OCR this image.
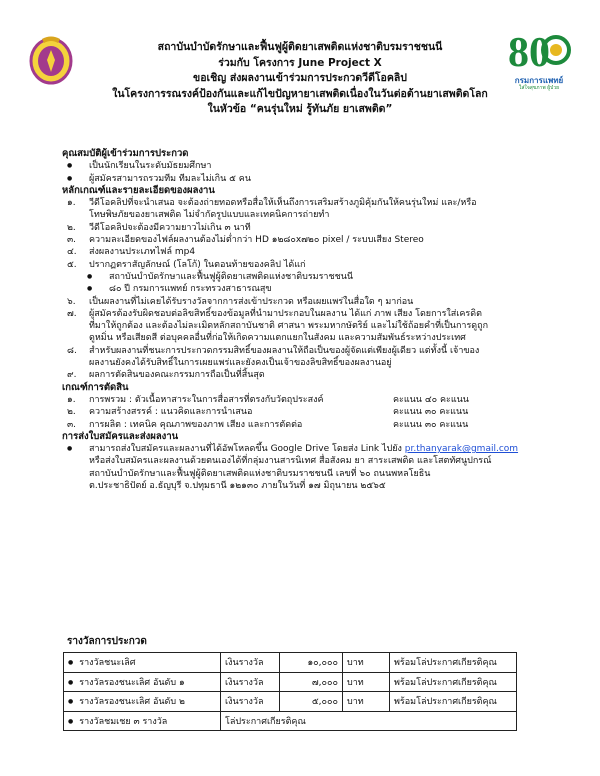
80
กรมการแพทย์
ใส่ใจสุขภาพ ผู้ป่วย
สถาบันบำบัดรักษาและฟื้นฟูผู้ติดยาเสพติดแห่งชาติบรมราชชนนี
ร่วมกับ โครงการ June Project X
ขอเชิญ ส่งผลงานเข้าร่วมการประกวดวีดีโอคลิป
ในโครงการรณรงค์ป้องกันและแก้ไขปัญหายาเสพติดเนื่องในวันต่อต้านยาเสพติดโลก
ในหัวข้อ “คนรุ่นใหม่ รู้ทันภัย ยาเสพติด”
คุณสมบัติผู้เข้าร่วมการประกวด
● เป็นนักเรียนในระดับมัธยมศึกษา
● ผู้สมัครสามารถรวมทีม ทีมละไม่เกิน ๕ คน
หลักเกณฑ์และรายละเอียดของผลงาน
๑.	วีดีโอคลิปที่จะนำเสนอ จะต้องถ่ายทอดหรือสื่อให้เห็นถึงการเสริมสร้างภูมิคุ้มกันให้คนรุ่นใหม่ และ/หรือ
โทษพิษภัยของยาเสพติด ไม่จำกัดรูปแบบและเทคนิคการถ่ายทำ
๒.	วีดีโอคลิปจะต้องมีความยาวไม่เกิน ๓ นาที
๓.	ความละเอียดของไฟล์ผลงานต้องไม่ต่ำกว่า HD ๑๒๘๐x๗๒๐ pixel / ระบบเสียง Stereo
๔.	ส่งผลงานประเภทไฟล์ mp4
๕.	ปรากฏตราสัญลักษณ์ (โลโก้) ในตอนท้ายของคลิป ได้แก่
● สถาบันบำบัดรักษาและฟื้นฟูผู้ติดยาเสพติดแห่งชาติบรมราชชนนี
● ๘๐ ปี กรมการแพทย์ กระทรวงสาธารณสุข
๖.	เป็นผลงานที่ไม่เคยได้รับรางวัลจากการส่งเข้าประกวด หรือเผยแพร่ในสื่อใด ๆ มาก่อน
๗.	ผู้สมัครต้องรับผิดชอบต่อลิขสิทธิ์ของข้อมูลที่นำมาประกอบในผลงาน ได้แก่ ภาพ เสียง โดยการใส่เครดิต
ที่มาให้ถูกต้อง และต้องไม่ละเมิดหลักสถาบันชาติ ศาสนา พระมหากษัตริย์ และไม่ใช้ถ้อยคำที่เป็นการดูถูก
ดูหมิ่น หรือเสียดสี ต่อบุคคลอื่นที่ก่อให้เกิดความแตกแยกในสังคม และความสัมพันธ์ระหว่างประเทศ
๘.	สำหรับผลงานที่ชนะการประกวดกรรมสิทธิ์ของผลงานให้ถือเป็นของผู้จัดแต่เพียงผู้เดียว แต่ทั้งนี้ เจ้าของ
ผลงานยังคงได้รับสิทธิ์ในการเผยแพร่และยังคงเป็นเจ้าของลิขสิทธิ์ของผลงานอยู่
๙.	ผลการตัดสินของคณะกรรมการถือเป็นที่สิ้นสุด
เกณฑ์การตัดสิน
๑.	การพรวม : ตัวเนื้อหาสาระในการสื่อสารที่ตรงกับวัตถุประสงค์	คะแนน ๔๐ คะแนน
๒.	ความสร้างสรรค์ : แนวคิดและการนำเสนอ	คะแนน ๓๐ คะแนน
๓.	การผลิต : เทคนิค คุณภาพของภาพ เสียง และการตัดต่อ	คะแนน ๓๐ คะแนน
การส่งใบสมัครและส่งผลงาน
● สามารถส่งใบสมัครและผลงานที่ได้อัพโหลดขึ้น Google Drive โดยส่ง Link ไปยัง pr.thanyarak@gmail.com
หรือส่งใบสมัครและผลงานด้วยตนเองได้ที่กลุ่มงานสารนิเทศ สื่อสังคม ยา สาระเสพติด และโสตทัศนูปกรณ์
สถาบันบำบัดรักษาและฟื้นฟูผู้ติดยาเสพติดแห่งชาติบรมราชชนนี เลขที่ ๖๐ ถนนพหลโยธิน
ต.ประชาธิปัตย์ อ.ธัญบุรี จ.ปทุมธานี ๑๒๑๓๐ ภายในวันที่ ๑๗ มิถุนายน ๒๕๖๕
รางวัลการประกวด
● รางวัลชนะเลิศ	เงินรางวัล	๑๐,๐๐๐	บาท	พร้อมโล่ประกาศเกียรติคุณ
● รางวัลรองชนะเลิศ อันดับ ๑	เงินรางวัล	๗,๐๐๐	บาท	พร้อมโล่ประกาศเกียรติคุณ
● รางวัลรองชนะเลิศ อันดับ ๒	เงินรางวัล	๕,๐๐๐	บาท	พร้อมโล่ประกาศเกียรติคุณ
● รางวัลชมเชย ๓ รางวัล	โล่ประกาศเกียรติคุณ			
